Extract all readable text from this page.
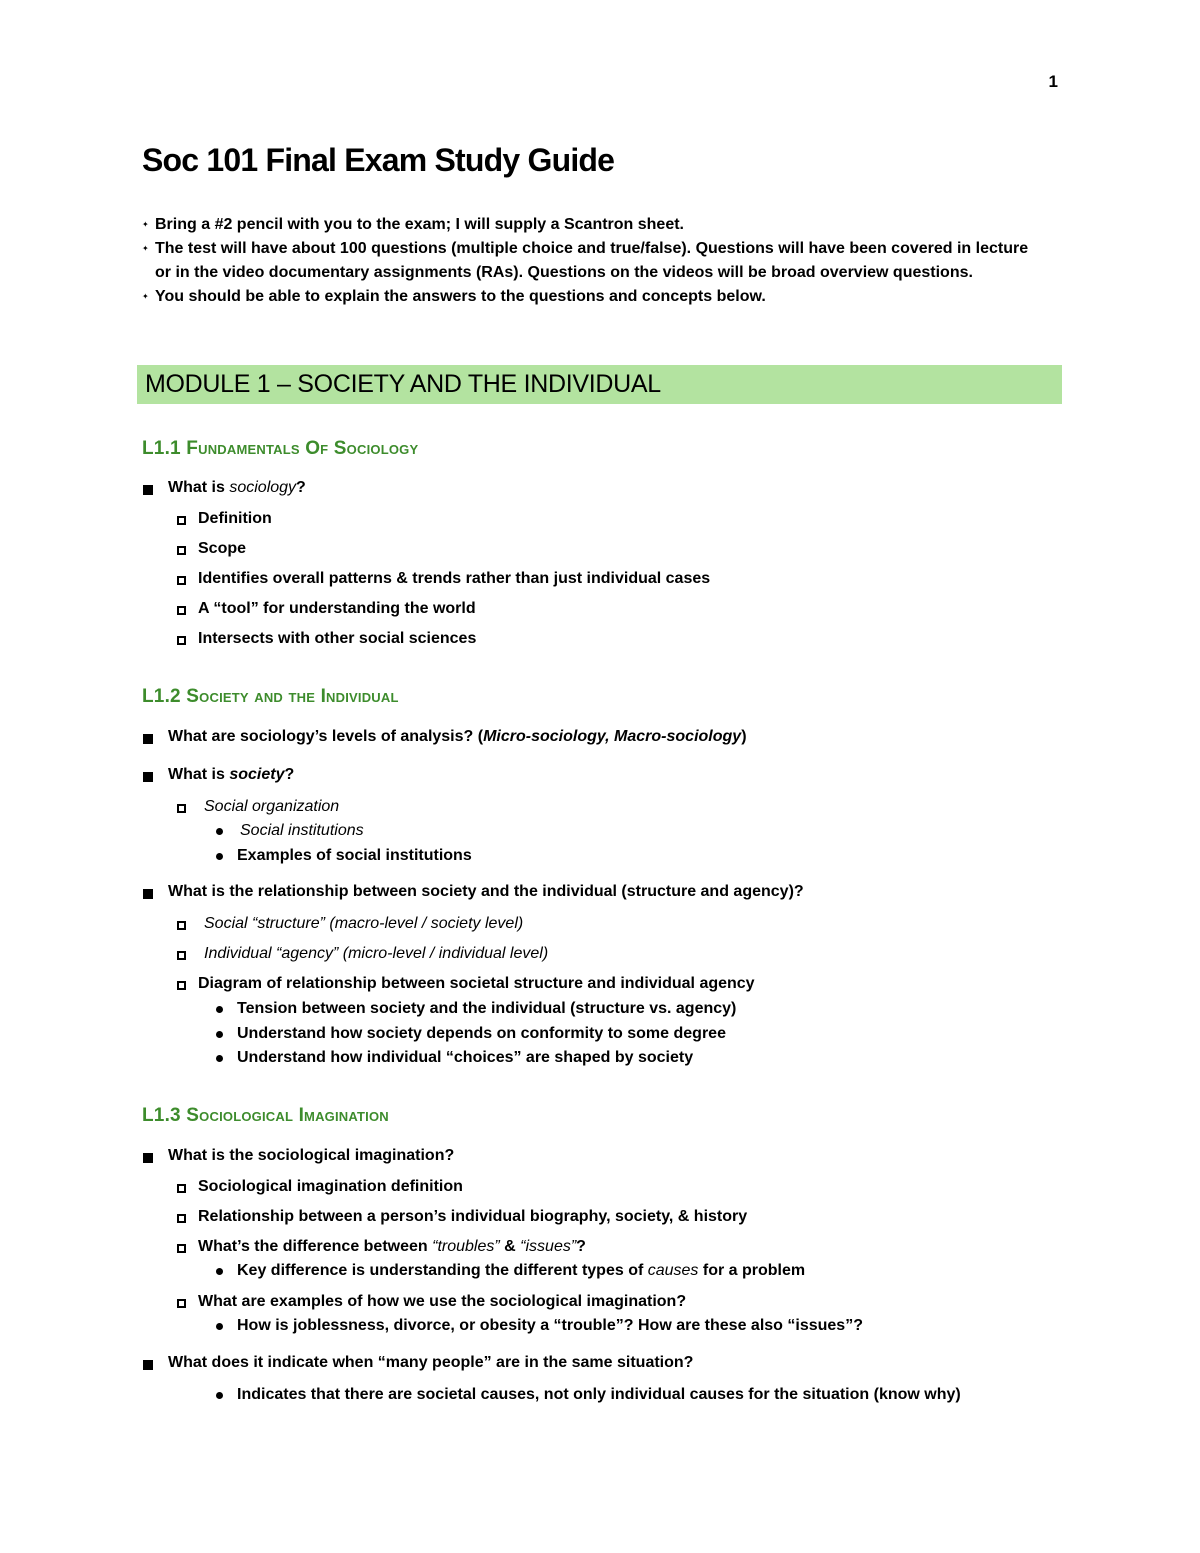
1
Soc 101 Final Exam Study Guide
✦ Bring a #2 pencil with you to the exam; I will supply a Scantron sheet.
✦ The test will have about 100 questions (multiple choice and true/false). Questions will have been covered in lecture or in the video documentary assignments (RAs). Questions on the videos will be broad overview questions.
✦ You should be able to explain the answers to the questions and concepts below.
MODULE 1 – SOCIETY AND THE INDIVIDUAL
L1.1 Fundamentals Of Sociology
What is sociology?
Definition
Scope
Identifies overall patterns & trends rather than just individual cases
A “tool” for understanding the world
Intersects with other social sciences
L1.2 Society and the Individual
What are sociology’s levels of analysis? (Micro-sociology, Macro-sociology)
What is society?
Social organization
Social institutions
Examples of social institutions
What is the relationship between society and the individual (structure and agency)?
Social “structure” (macro-level / society level)
Individual “agency” (micro-level / individual level)
Diagram of relationship between societal structure and individual agency
Tension between society and the individual (structure vs. agency)
Understand how society depends on conformity to some degree
Understand how individual “choices” are shaped by society
L1.3 Sociological Imagination
What is the sociological imagination?
Sociological imagination definition
Relationship between a person’s individual biography, society, & history
What’s the difference between “troubles” & “issues”?
Key difference is understanding the different types of causes for a problem
What are examples of how we use the sociological imagination?
How is joblessness, divorce, or obesity a “trouble”? How are these also “issues”?
What does it indicate when “many people” are in the same situation?
Indicates that there are societal causes, not only individual causes for the situation (know why)
